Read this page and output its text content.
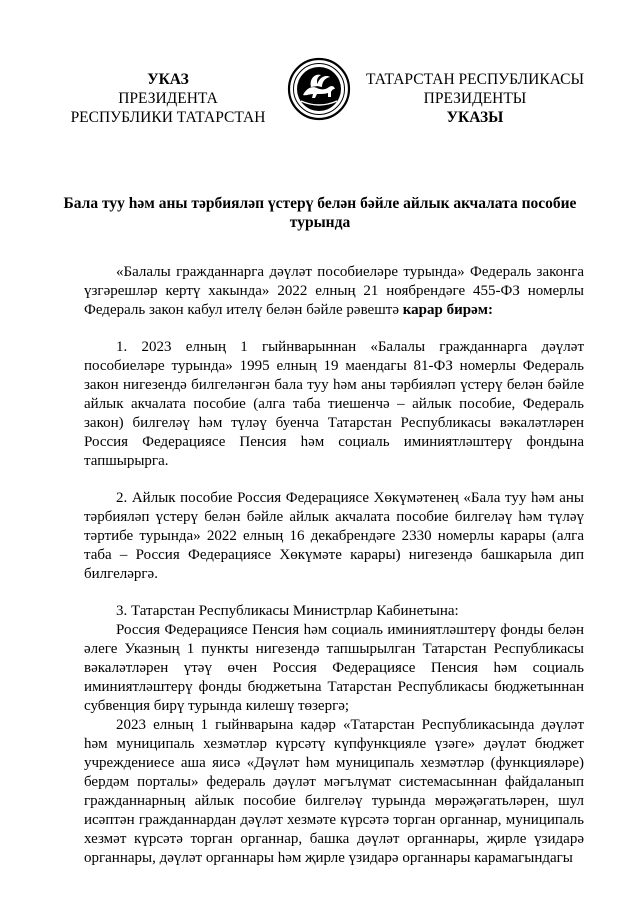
УКАЗ
ПРЕЗИДЕНТА
РЕСПУБЛИКИ ТАТАРСТАН
ТАТАРСТАН РЕСПУБЛИКАСЫ
ПРЕЗИДЕНТЫ
УКАЗЫ
Бала туу һәм аны тәрбияләп үстерү белән бәйле айлык акчалата пособие турында

«Балалы гражданнарга дәүләт пособиеләре турында» Федераль законга үзгәрешләр кертү хакында» 2022 елның 21 ноябрендәге 455-ФЗ номерлы Федераль закон кабул ителү белән бәйле рәвештә карар бирәм:

1. 2023 елның 1 гыйнварыннан «Балалы гражданнарга дәүләт пособиеләре турында» 1995 елның 19 маендагы 81-ФЗ номерлы Федераль закон нигезендә билгеләнгән бала туу һәм аны тәрбияләп үстерү белән бәйле айлык акчалата пособие (алга таба тиешенчә – айлык пособие, Федераль закон) билгеләү һәм түләү буенча Татарстан Республикасы вәкаләтләрен Россия Федерациясе Пенсия һәм социаль иминиятләштерү фондына тапшырырга.

2. Айлык пособие Россия Федерациясе Хөкүмәтенең «Бала туу һәм аны тәрбияләп үстерү белән бәйле айлык акчалата пособие билгеләү һәм түләү тәртибе турында» 2022 елның 16 декабрендәге 2330 номерлы карары (алга таба – Россия Федерациясе Хөкүмәте карары) нигезендә башкарыла дип билгеләргә.

3. Татарстан Республикасы Министрлар Кабинетына:

Россия Федерациясе Пенсия һәм социаль иминиятләштерү фонды белән әлеге Указның 1 пункты нигезендә тапшырылган Татарстан Республикасы вәкаләтләрен үтәү өчен Россия Федерациясе Пенсия һәм социаль иминиятләштерү фонды бюджетына Татарстан Республикасы бюджетыннан субвенция бирү турында килешү төзергә;

2023 елның 1 гыйнварына кадәр «Татарстан Республикасында дәүләт һәм муниципаль хезмәтләр күрсәтү күпфункцияле үзәге» дәүләт бюджет учреждениесе аша яисә «Дәүләт һәм муниципаль хезмәтләр (функцияләре) бердәм порталы» федераль дәүләт мәгълүмат системасыннан файдаланып гражданнарның айлык пособие билгеләү турында мөрәҗәгатьләрен, шул исәптән гражданнардан дәүләт хезмәте күрсәтә торган органнар, муниципаль хезмәт күрсәтә торган органнар, башка дәүләт органнары, җирле үзидарә органнары, дәүләт органнары һәм җирле үзидарә органнары карамагындагы
